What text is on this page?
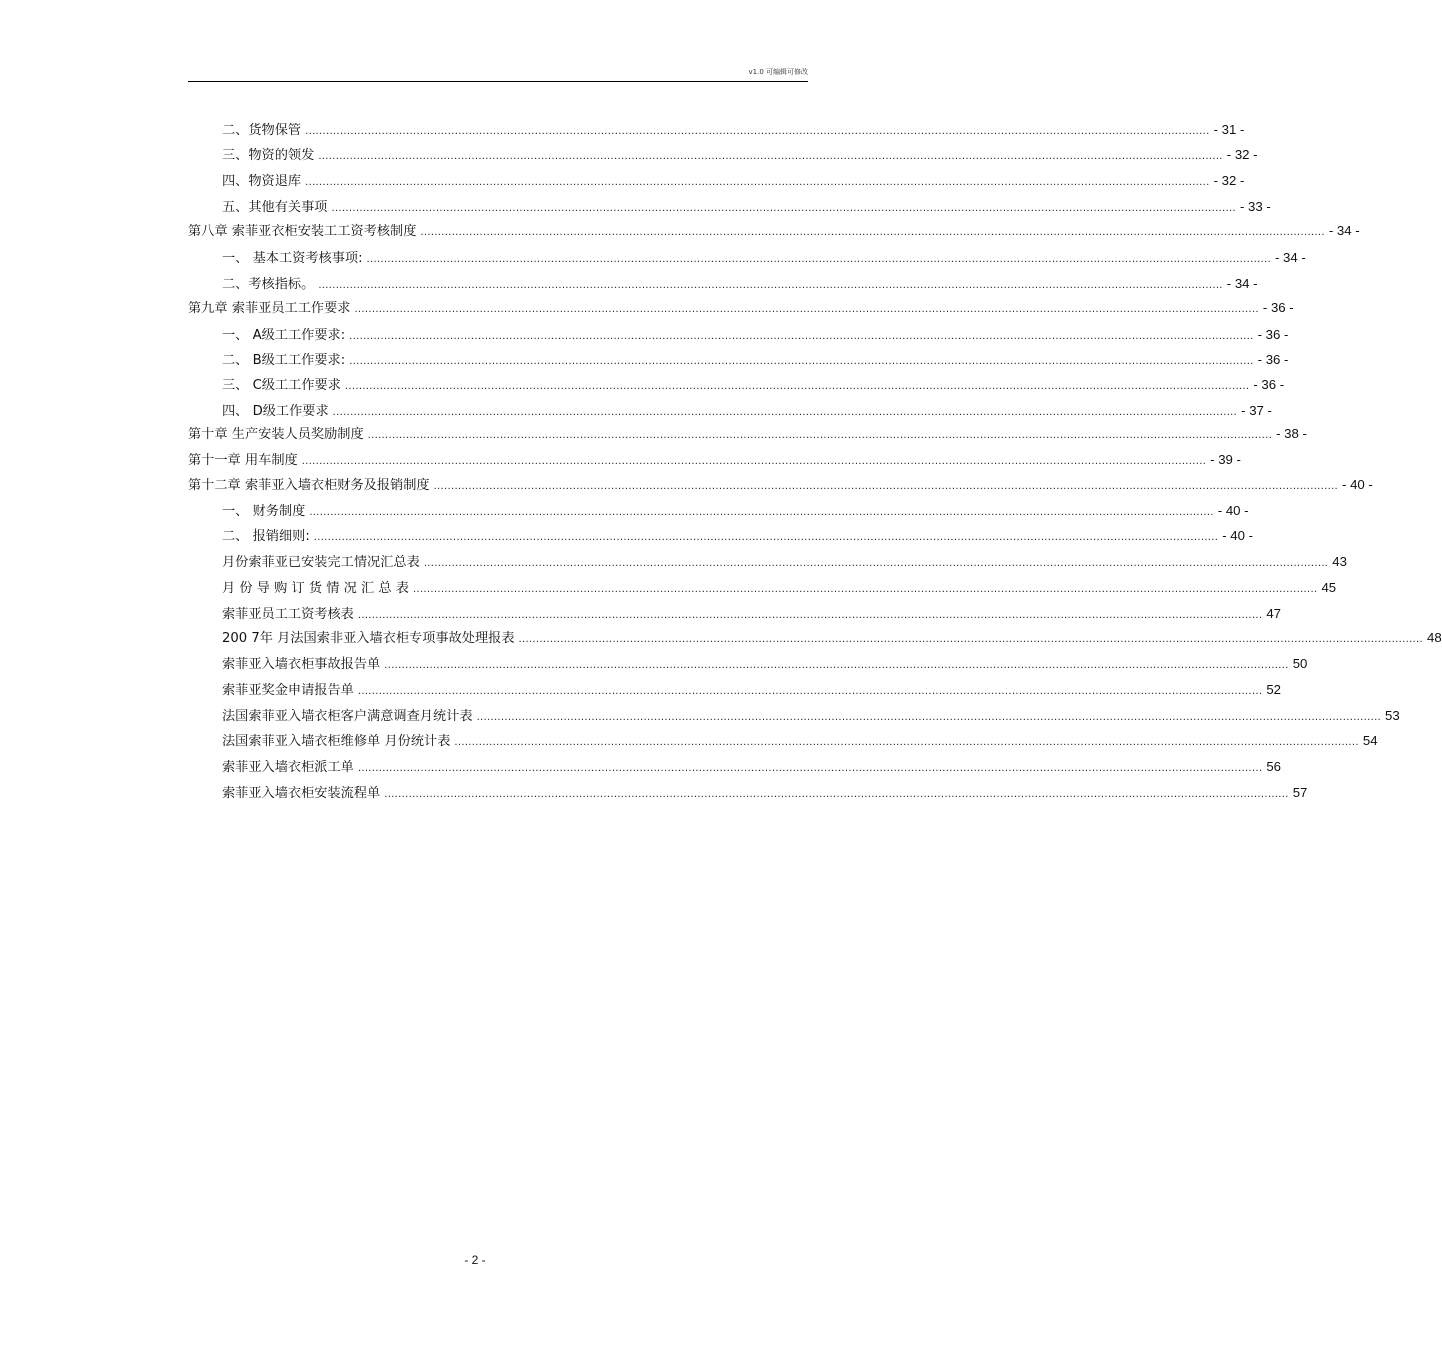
v1.0 可编辑可修改
二、货物保管 .................................................................................................................................................................................................................................................................... - 31 -
三、物资的领发 .................................................................................................................................................................................................................................................................... - 32 -
四、物资退库 .................................................................................................................................................................................................................................................................... - 32 -
五、其他有关事项 .................................................................................................................................................................................................................................................................... - 33 -
第八章 索菲亚衣柜安装工工资考核制度 .................................................................................................................................................................................................................................................................... - 34 -
一、 基本工资考核事项: .................................................................................................................................................................................................................................................................... - 34 -
二、考核指标。 .................................................................................................................................................................................................................................................................... - 34 -
第九章 索菲亚员工工作要求 .................................................................................................................................................................................................................................................................... - 36 -
一、 A级工工作要求: .................................................................................................................................................................................................................................................................... - 36 -
二、 B级工工作要求: .................................................................................................................................................................................................................................................................... - 36 -
三、 C级工工作要求 .................................................................................................................................................................................................................................................................... - 36 -
四、 D级工作要求 .................................................................................................................................................................................................................................................................... - 37 -
第十章 生产安装人员奖励制度 .................................................................................................................................................................................................................................................................... - 38 -
第十一章 用车制度 .................................................................................................................................................................................................................................................................... - 39 -
第十二章 索菲亚入墙衣柜财务及报销制度 .................................................................................................................................................................................................................................................................... - 40 -
一、 财务制度 .................................................................................................................................................................................................................................................................... - 40 -
二、 报销细则: .................................................................................................................................................................................................................................................................... - 40 -
月份索菲亚已安装完工情况汇总表 .................................................................................................................................................................................................................................................................... 43
月 份 导 购 订 货 情 况 汇 总 表 .................................................................................................................................................................................................................................................................... 45
索菲亚员工工资考核表 .................................................................................................................................................................................................................................................................... 47
200 7年 月法国索非亚入墙衣柜专项事故处理报表 .................................................................................................................................................................................................................................................................... 48
索菲亚入墙衣柜事故报告单 .................................................................................................................................................................................................................................................................... 50
索菲亚奖金申请报告单 .................................................................................................................................................................................................................................................................... 52
法国索菲亚入墙衣柜客户满意调查月统计表 .................................................................................................................................................................................................................................................................... 53
法国索菲亚入墙衣柜维修单 月份统计表 .................................................................................................................................................................................................................................................................... 54
索菲亚入墙衣柜派工单 .................................................................................................................................................................................................................................................................... 56
索菲亚入墙衣柜安装流程单 .................................................................................................................................................................................................................................................................... 57
- 2 -
